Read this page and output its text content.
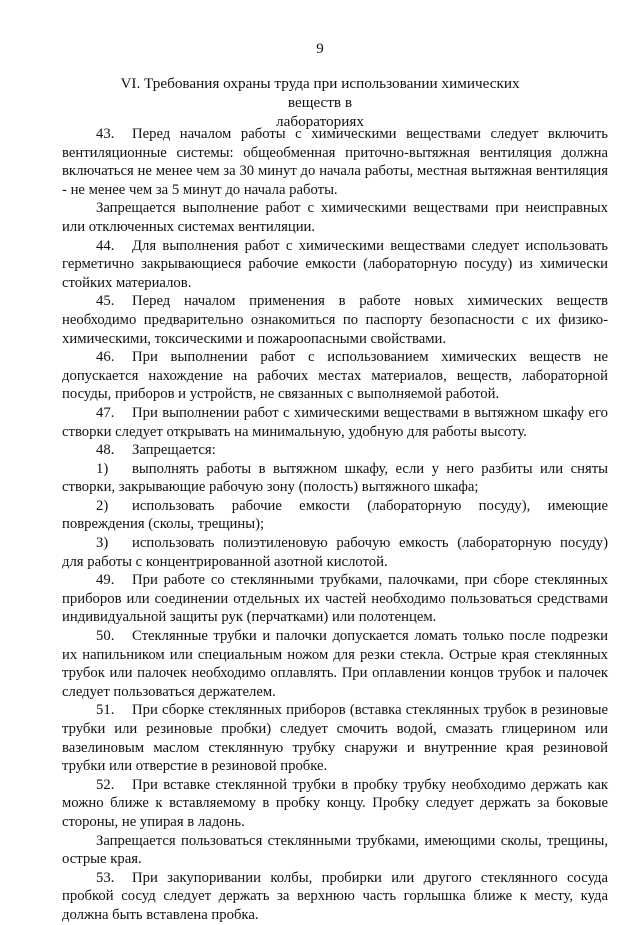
9
VI. Требования охраны труда при использовании химических веществ в
лабораториях

43. Перед началом работы с химическими веществами следует включить вентиляционные системы: общеобменная приточно-вытяжная вентиляция должна включаться не менее чем за 30 минут до начала работы, местная вытяжная вентиляция - не менее чем за 5 минут до начала работы.

Запрещается выполнение работ с химическими веществами при неисправных или отключенных системах вентиляции.

44. Для выполнения работ с химическими веществами следует использовать герметично закрывающиеся рабочие емкости (лабораторную посуду) из химически стойких материалов.

45. Перед началом применения в работе новых химических веществ необходимо предварительно ознакомиться по паспорту безопасности с их физико-химическими, токсическими и пожароопасными свойствами.

46. При выполнении работ с использованием химических веществ не допускается нахождение на рабочих местах материалов, веществ, лабораторной посуды, приборов и устройств, не связанных с выполняемой работой.

47. При выполнении работ с химическими веществами в вытяжном шкафу его створки следует открывать на минимальную, удобную для работы высоту.

48. Запрещается:

1) выполнять работы в вытяжном шкафу, если у него разбиты или сняты створки, закрывающие рабочую зону (полость) вытяжного шкафа;

2) использовать рабочие емкости (лабораторную посуду), имеющие повреждения (сколы, трещины);

3) использовать полиэтиленовую рабочую емкость (лабораторную посуду) для работы с концентрированной азотной кислотой.

49. При работе со стеклянными трубками, палочками, при сборе стеклянных приборов или соединении отдельных их частей необходимо пользоваться средствами индивидуальной защиты рук (перчатками) или полотенцем.

50. Стеклянные трубки и палочки допускается ломать только после подрезки их напильником или специальным ножом для резки стекла. Острые края стеклянных трубок или палочек необходимо оплавлять. При оплавлении концов трубок и палочек следует пользоваться держателем.

51. При сборке стеклянных приборов (вставка стеклянных трубок в резиновые трубки или резиновые пробки) следует смочить водой, смазать глицерином или вазелиновым маслом стеклянную трубку снаружи и внутренние края резиновой трубки или отверстие в резиновой пробке.

52. При вставке стеклянной трубки в пробку трубку необходимо держать как можно ближе к вставляемому в пробку концу. Пробку следует держать за боковые стороны, не упирая в ладонь.

Запрещается пользоваться стеклянными трубками, имеющими сколы, трещины, острые края.

53. При закупоривании колбы, пробирки или другого стеклянного сосуда пробкой сосуд следует держать за верхнюю часть горлышка ближе к месту, куда должна быть вставлена пробка.
